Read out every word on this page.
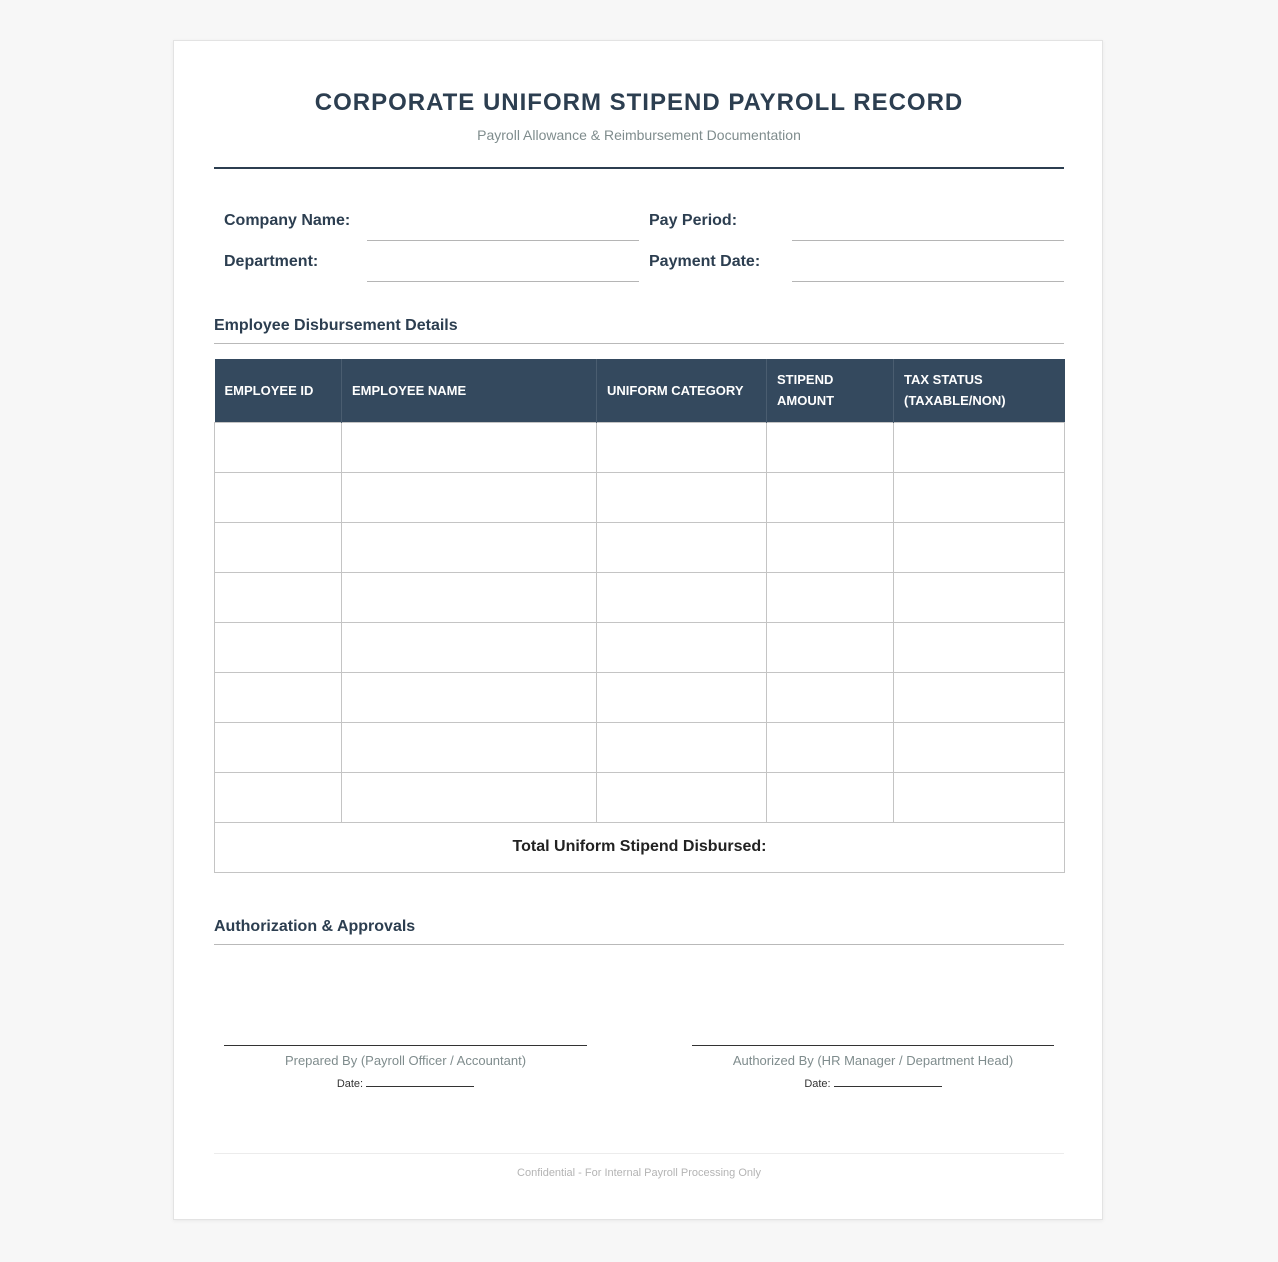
CORPORATE UNIFORM STIPEND PAYROLL RECORD
Payroll Allowance & Reimbursement Documentation
Company Name:
Department:
Pay Period:
Payment Date:
Employee Disbursement Details
EMPLOYEE ID	EMPLOYEE NAME	UNIFORM CATEGORY	STIPEND AMOUNT	TAX STATUS (TAXABLE/NON)

Total Uniform Stipend Disbursed:				
Authorization & Approvals
Prepared By (Payroll Officer / Accountant)
Date:
Authorized By (HR Manager / Department Head)
Date:
Confidential - For Internal Payroll Processing Only
